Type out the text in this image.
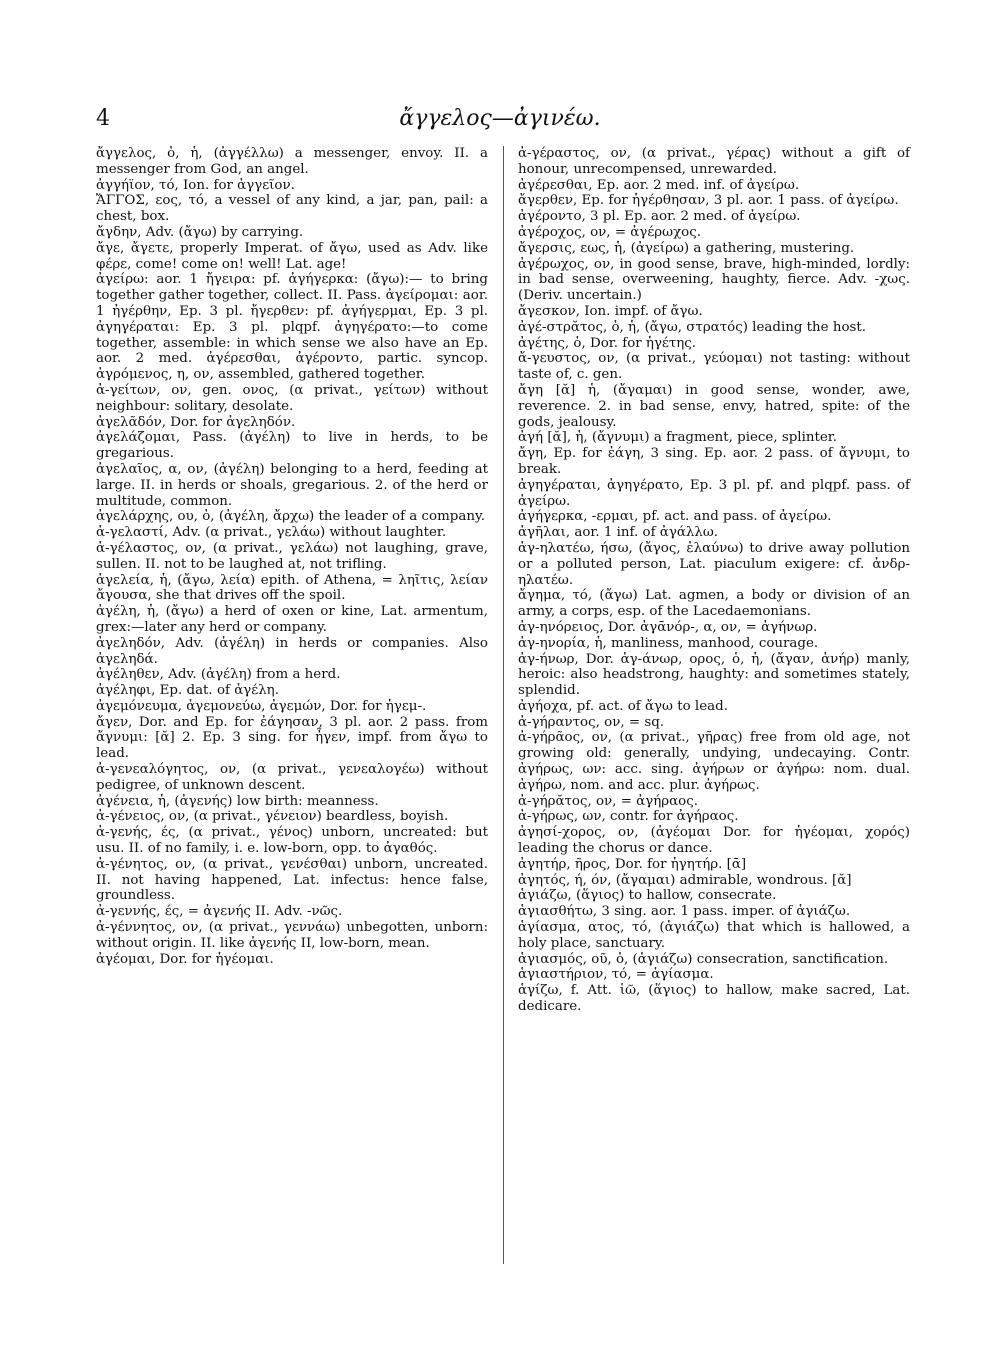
4	ἄγγελος—ἀγινέω.

ἄγγελος, ὁ, ἡ, (ἀγγέλλω) a messenger, envoy. II. a messenger from God, an angel.

ἀγγήϊον, τό, Ion. for ἀγγεῖον.

ἌΓΓΟΣ, εος, τό, a vessel of any kind, a jar, pan, pail: a chest, box.

ἄγδην, Adv. (ἄγω) by carrying.

ἄγε, ἄγετε, properly Imperat. of ἄγω, used as Adv. like φέρε, come! come on! well! Lat. age!

ἀγείρω: aor. 1 ἤγειρα: pf. ἀγήγερκα: (ἄγω):— to bring together gather together, collect. II. Pass. ἀγείρομαι: aor. 1 ἠγέρθην, Ep. 3 pl. ἤγερθεν: pf. ἀγήγερμαι, Ep. 3 pl. ἀγηγέραται: Ep. 3 pl. plqpf. ἀγηγέρατο:—to come together, assemble: in which sense we also have an Ep. aor. 2 med. ἀγέρεσθαι, ἀγέροντο, partic. syncop. ἀγρόμενος, η, ον, assembled, gathered together.

ἀ-γείτων, ον, gen. ονος, (α privat., γείτων) without neighbour: solitary, desolate.

ἀγελᾶδόν, Dor. for ἀγεληδόν.

ἀγελάζομαι, Pass. (ἀγέλη) to live in herds, to be gregarious.

ἀγελαῖος, α, ον, (ἀγέλη) belonging to a herd, feeding at large. II. in herds or shoals, gregarious. 2. of the herd or multitude, common.

ἀγελάρχης, ου, ὁ, (ἀγέλη, ἄρχω) the leader of a company.

ἀ-γελαστί, Adv. (α privat., γελάω) without laughter.

ἀ-γέλαστος, ον, (α privat., γελάω) not laughing, grave, sullen. II. not to be laughed at, not trifling.

ἀγελεία, ἡ, (ἄγω, λεία) epith. of Athena, = ληῖτις, λείαν ἄγουσα, she that drives off the spoil.

ἀγέλη, ἡ, (ἄγω) a herd of oxen or kine, Lat. armentum, grex:—later any herd or company.

ἀγεληδόν, Adv. (ἀγέλη) in herds or companies. Also ἀγεληδά.

ἀγέληθεν, Adv. (ἀγέλη) from a herd.

ἀγέληφι, Ep. dat. of ἀγέλη.

ἀγεμόνευμα, ἀγεμονεύω, ἀγεμών, Dor. for ἡγεμ-.

ἄγεν, Dor. and Ep. for ἐάγησαν, 3 pl. aor. 2 pass. from ἄγνυμι: [ᾰ] 2. Ep. 3 sing. for ἦγεν, impf. from ἄγω to lead.

ἀ-γενεαλόγητος, ον, (α privat., γενεαλογέω) without pedigree, of unknown descent.

ἀγένεια, ἡ, (ἀγενής) low birth: meanness.

ἀ-γένειος, ον, (α privat., γένειον) beardless, boyish.

ἀ-γενής, ές, (α privat., γένος) unborn, uncreated: but usu. II. of no family, i. e. low-born, opp. to ἀγαθός.

ἀ-γένητος, ον, (α privat., γενέσθαι) unborn, uncreated. II. not having happened, Lat. infectus: hence false, groundless.

ἀ-γεννής, ές, = ἀγενής II. Adv. -νῶς.

ἀ-γέννητος, ον, (α privat., γεννάω) unbegotten, unborn: without origin. II. like ἀγενής II, low-born, mean.

ἀγέομαι, Dor. for ἡγέομαι.

ἀ-γέραστος, ον, (α privat., γέρας) without a gift of honour, unrecompensed, unrewarded.

ἀγέρεσθαι, Ep. aor. 2 med. inf. of ἀγείρω.

ἄγερθεν, Ep. for ἠγέρθησαν, 3 pl. aor. 1 pass. of ἀγείρω.

ἀγέροντο, 3 pl. Ep. aor. 2 med. of ἀγείρω.

ἀγέροχος, ον, = ἀγέρωχος.

ἄγερσις, εως, ἡ, (ἀγείρω) a gathering, mustering.

ἀγέρωχος, ον, in good sense, brave, high-minded, lordly: in bad sense, overweening, haughty, fierce. Adv. -χως. (Deriv. uncertain.)

ἄγεσκον, Ion. impf. of ἄγω.

ἀγέ-στρᾰτος, ὁ, ἡ, (ἄγω, στρατός) leading the host.

ἀγέτης, ὁ, Dor. for ἡγέτης.

ἄ-γευστος, ον, (α privat., γεύομαι) not tasting: without taste of, c. gen.

ἄγη [ᾰ] ἡ, (ἄγαμαι) in good sense, wonder, awe, reverence. 2. in bad sense, envy, hatred, spite: of the gods, jealousy.

ἀγή [ᾰ], ἡ, (ἄγνυμι) a fragment, piece, splinter.

ἄγη, Ep. for ἐάγη, 3 sing. Ep. aor. 2 pass. of ἄγνυμι, to break.

ἀγηγέραται, ἀγηγέρατο, Ep. 3 pl. pf. and plqpf. pass. of ἀγείρω.

ἀγήγερκα, -ερμαι, pf. act. and pass. of ἀγείρω.

ἀγῆλαι, aor. 1 inf. of ἀγάλλω.

ἀγ-ηλατέω, ήσω, (ἄγος, ἐλαύνω) to drive away pollution or a polluted person, Lat. piaculum exigere: cf. ἀνδρ-ηλατέω.

ἄγημα, τό, (ἄγω) Lat. agmen, a body or division of an army, a corps, esp. of the Lacedaemonians.

ἀγ-ηνόρειος, Dor. ἀγᾱνόρ-, α, ον, = ἀγήνωρ.

ἀγ-ηνορία, ἡ, manliness, manhood, courage.

ἀγ-ήνωρ, Dor. ἀγ-άνωρ, ορος, ὁ, ἡ, (ἄγαν, ἀνήρ) manly, heroic: also headstrong, haughty: and sometimes stately, splendid.

ἀγήοχα, pf. act. of ἄγω to lead.

ἀ-γήραντος, ον, = sq.

ἀ-γήρᾶος, ον, (α privat., γῆρας) free from old age, not growing old: generally, undying, undecaying. Contr. ἀγήρως, ων: acc. sing. ἀγήρων or ἀγήρω: nom. dual. ἀγήρω, nom. and acc. plur. ἀγήρως.

ἀ-γήρᾰτος, ον, = ἀγήραος.

ἀ-γήρως, ων, contr. for ἀγήραος.

ἀγησί-χορος, ον, (ἀγέομαι Dor. for ἡγέομαι, χορός) leading the chorus or dance.

ἀγητήρ, ῆρος, Dor. for ἡγητήρ. [ᾱ]

ἀγητός, ή, όν, (ἄγαμαι) admirable, wondrous. [ᾰ]

ἁγιάζω, (ἅγιος) to hallow, consecrate.

ἁγιασθήτω, 3 sing. aor. 1 pass. imper. of ἁγιάζω.

ἁγίασμα, ατος, τό, (ἁγιάζω) that which is hallowed, a holy place, sanctuary.

ἁγιασμός, οῦ, ὁ, (ἁγιάζω) consecration, sanctification.

ἁγιαστήριον, τό, = ἁγίασμα.

ἁγίζω, f. Att. ἱῶ, (ἅγιος) to hallow, make sacred, Lat. dedicare.
